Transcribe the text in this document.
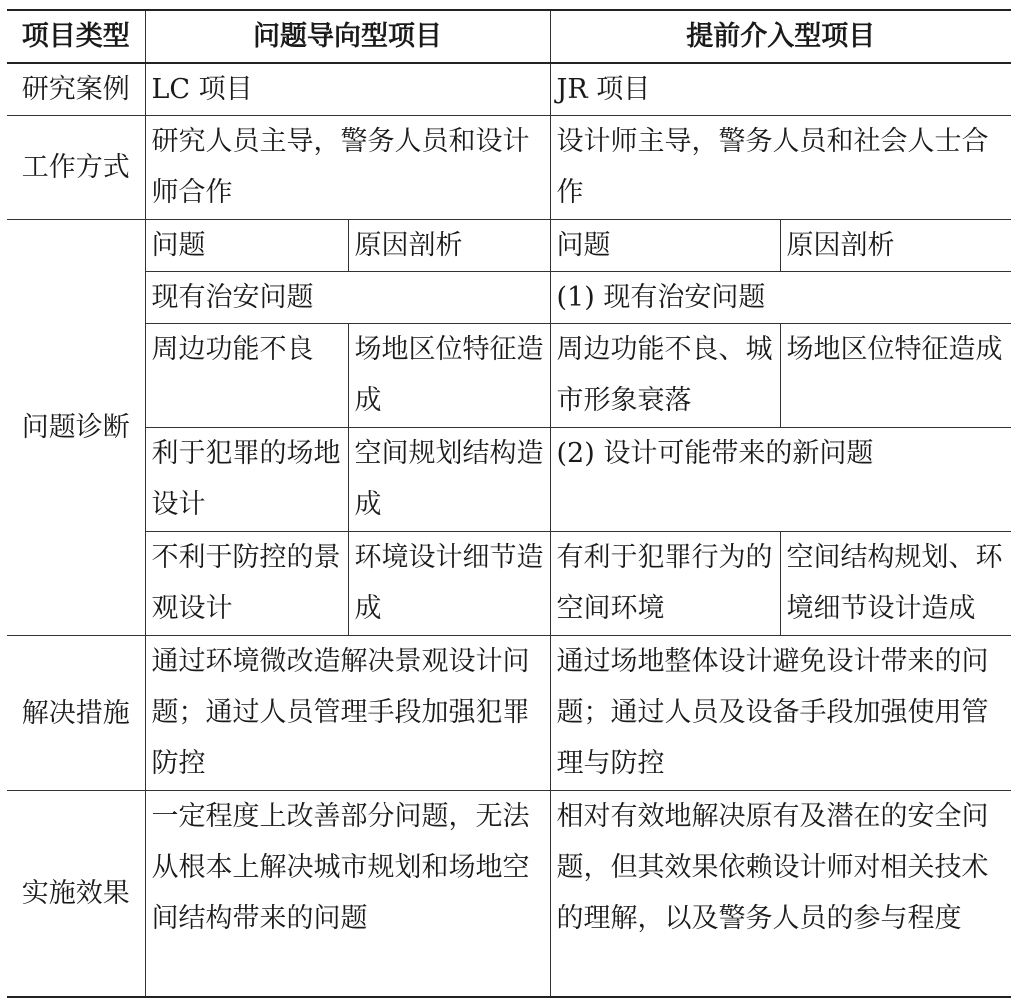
项目类型	问题导向型项目		提前介入型项目	
研究案例	LC 项目		JR 项目	
工作方式	研究人员主导，警务人员和设计师合作		设计师主导，警务人员和社会人士合作	
问题诊断	问题	原因剖析	问题	原因剖析
	现有治安问题		(1) 现有治安问题	
	周边功能不良	场地区位特征造成	周边功能不良、城市形象衰落	场地区位特征造成
	利于犯罪的场地设计	空间规划结构造成	(2) 设计可能带来的新问题	
	不利于防控的景观设计	环境设计细节造成	有利于犯罪行为的空间环境	空间结构规划、环境细节设计造成
解决措施	通过环境微改造解决景观设计问题；通过人员管理手段加强犯罪防控		通过场地整体设计避免设计带来的问题；通过人员及设备手段加强使用管理与防控	
实施效果	一定程度上改善部分问题，无法从根本上解决城市规划和场地空间结构带来的问题		相对有效地解决原有及潜在的安全问题，但其效果依赖设计师对相关技术的理解，以及警务人员的参与程度	
